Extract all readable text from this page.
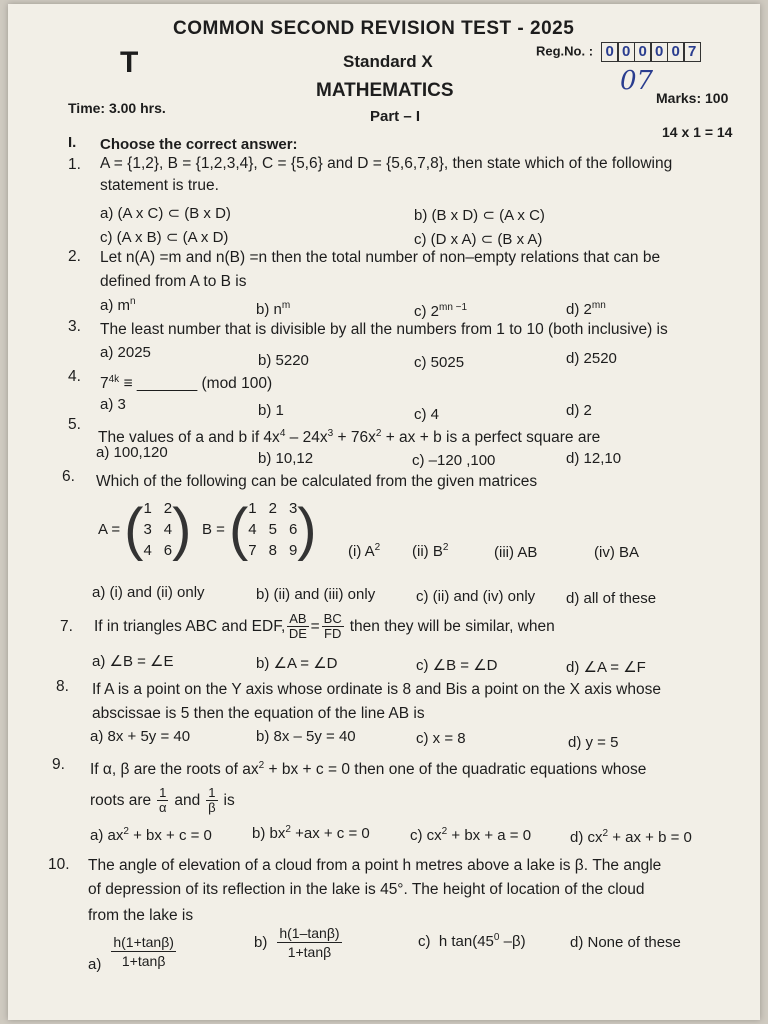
COMMON SECOND REVISION TEST - 2025
T	Standard X
Reg.No. : 0 0 0 0 0 7
MATHEMATICS	07
Time: 3.00 hrs.	Part – I
Marks: 100
I. Choose the correct answer:
14 x 1 = 14
1. A = {1,2}, B = {1,2,3,4}, C = {5,6} and D = {5,6,7,8}, then state which of the following
statement is true.
a) (A x C) ⊂ (B x D)	b) (B x D) ⊂ (A x C)
c) (A x B) ⊂ (A x D)	c) (D x A) ⊂ (B x A)
2. Let n(A) =m and n(B) =n then the total number of non–empty relations that can be
defined from A to B is
a) $m^n$	b) $n^m$	c) $2^{mn -1}$	d) $2^{mn}$
3. The least number that is divisible by all the numbers from 1 to 10 (both inclusive) is
a) 2025	b) 5220	c) 5025	d) 2520
4. $7^{4k}$ ≡ _______ (mod 100)
a) 3	b) 1	c) 4	d) 2
5.
The values of a and b if $4x^4 - 24x^3 + 76x^2$ + ax + b is a perfect square are
a) 100,120	b) 10,12	c) –120 ,100	d) 12,10
6. Which of the following can be calculated from the given matrices
A = ( 1 2
3 4
4 6 ) B = ( 1 2 3
4 5 6
7 8 9 ) (i) $A^2$ (ii) $B^2$	(iii) AB	(iv) BA
a) (i) and (ii) only	b) (ii) and (iii) only	c) (ii) and (iv) only d) all of these
7. If in triangles ABC and EDF, $\frac{AB}{DE} = \frac{BC}{FD}$ then they will be similar, when
a) ∠B = ∠E	b) ∠A = ∠D	c) ∠B = ∠D	d) ∠A = ∠F
8. If A is a point on the Y axis whose ordinate is 8 and Bis a point on the X axis whose
abscissae is 5 then the equation of the line AB is
a) 8x + 5y = 40	b) 8x – 5y = 40	c) x = 8	d) y = 5
9. If α, β are the roots of $ax^2$ + bx + c = 0 then one of the quadratic equations whose
roots are $\frac{1}{\alpha}$ and $\frac{1}{\beta}$ is
a) $ax^2$ + bx + c = 0	b) $bx^2 +ax + c = 0$	c) $cx^2$ + bx + a = 0	d) $cx^2$ + ax + b = 0
10. The angle of elevation of a cloud from a point h metres above a lake is β. The angle
of depression of its reflection in the lake is 45°. The height of location of the cloud
from the lake is
$a) \frac{h(1+\tan\beta)}{1+\tan\beta}$	$b) \frac{h(1-\tan\beta)}{1+\tan\beta}$	c) h $\tan(45^0$ –β)	d) None of these
